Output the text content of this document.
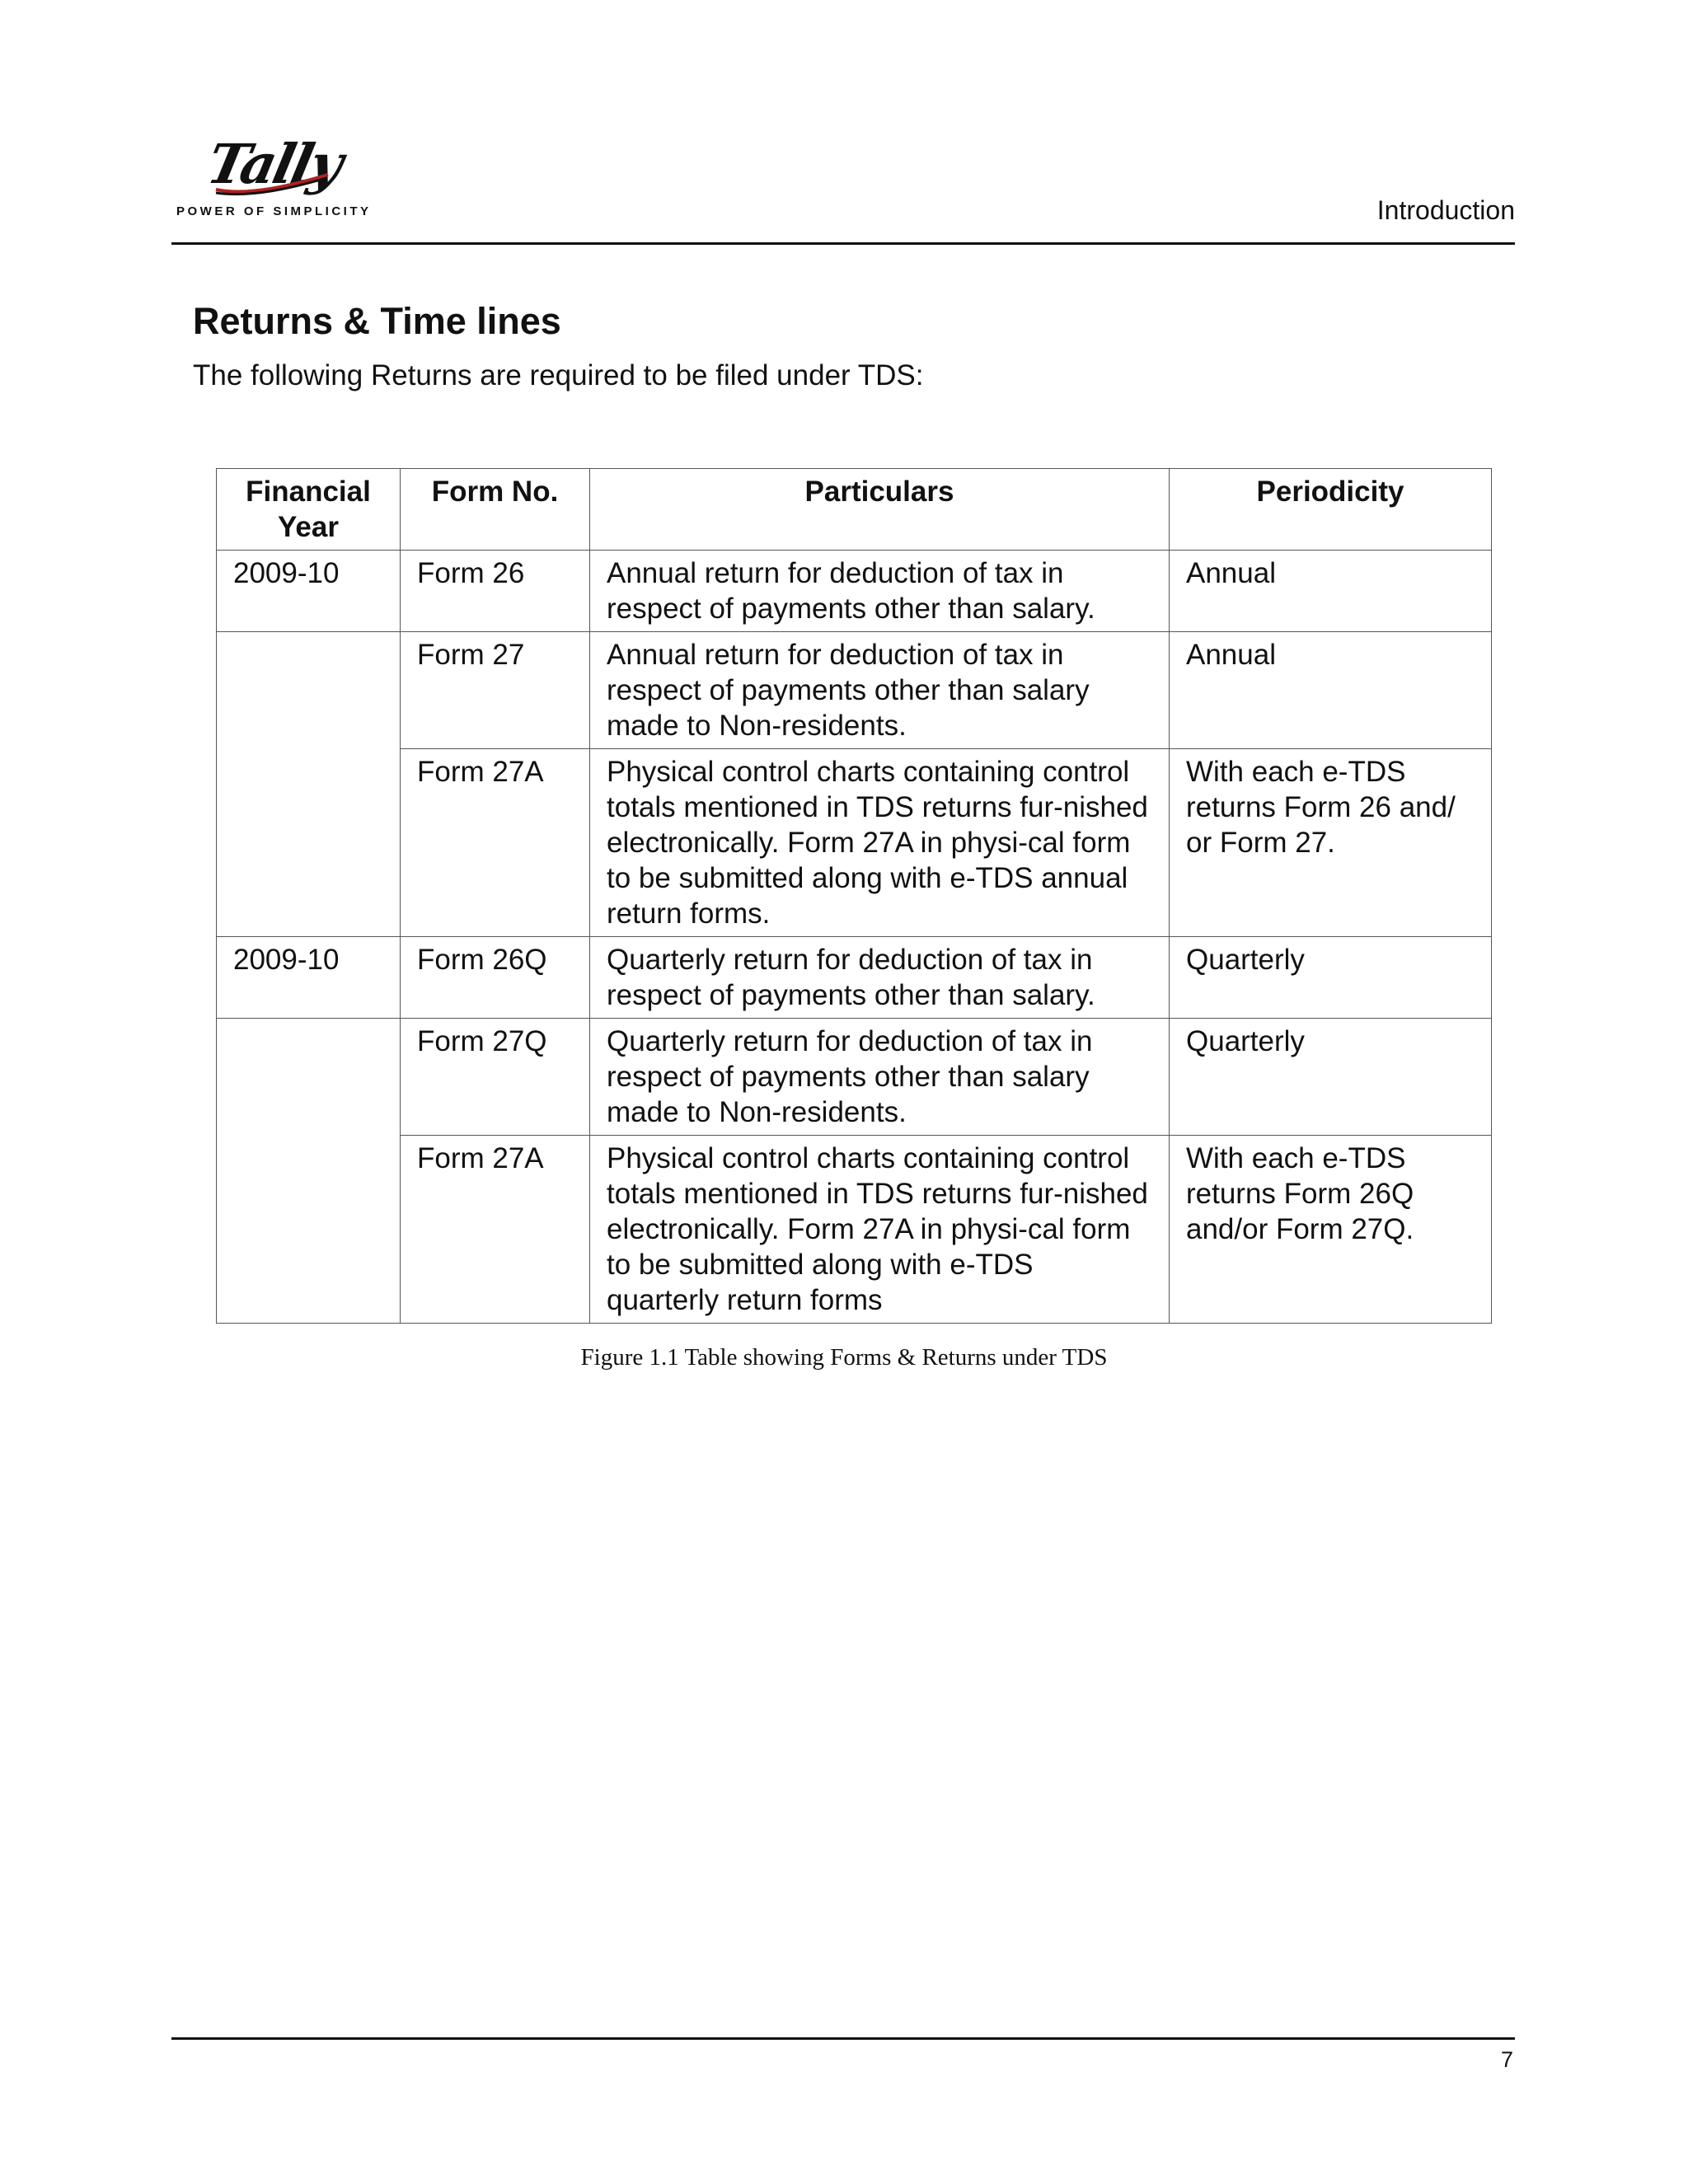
Tally
POWER OF SIMPLICITY	Introduction
Returns & Time lines

The following Returns are required to be filed under TDS:

Financial Year	Form No.	Particulars	Periodicity
2009-10	Form 26	Annual return for deduction of tax in respect of payments other than salary.	Annual
	Form 27	Annual return for deduction of tax in respect of payments other than salary made to Non-residents.	Annual
	Form 27A	Physical control charts containing control totals mentioned in TDS returns fur-nished electronically. Form 27A in physi-cal form to be submitted along with e-TDS annual return forms.	With each e-TDS returns Form 26 and/ or Form 27.
2009-10	Form 26Q	Quarterly return for deduction of tax in respect of payments other than salary.	Quarterly
	Form 27Q	Quarterly return for deduction of tax in respect of payments other than salary made to Non-residents.	Quarterly
	Form 27A	Physical control charts containing control totals mentioned in TDS returns fur-nished electronically. Form 27A in physi-cal form to be submitted along with e-TDS quarterly return forms	With each e-TDS returns Form 26Q and/or Form 27Q.
Figure 1.1 Table showing Forms & Returns under TDS
7
